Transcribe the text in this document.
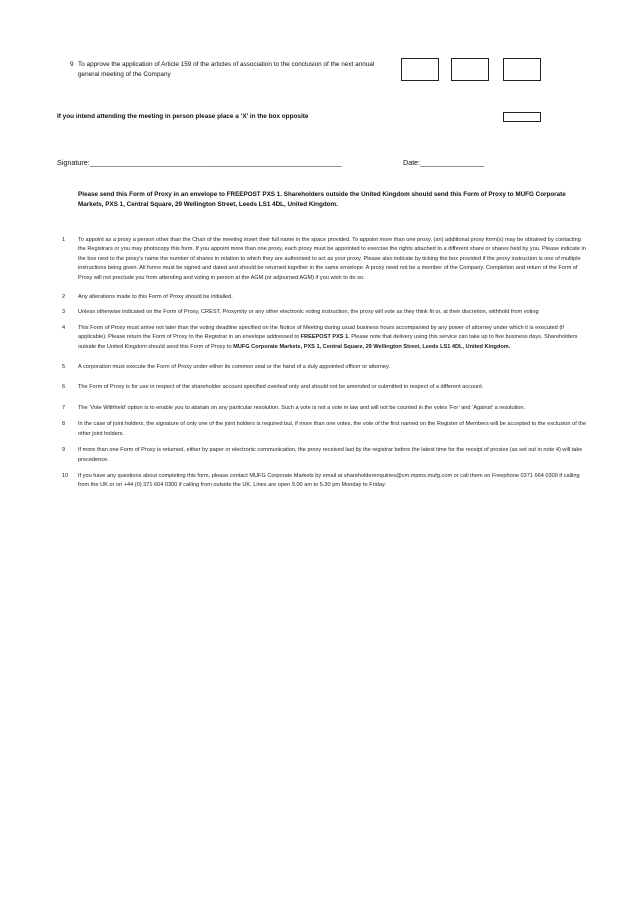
9 To approve the application of Article 159 of the articles of association to the conclusion of the next annual general meeting of the Company
If you intend attending the meeting in person please place a ‘X’ in the box opposite
Signature:_______________________________________________________________	Date:________________
Please send this Form of Proxy in an envelope to FREEPOST PXS 1. Shareholders outside the United Kingdom should send this Form of Proxy to MUFG Corporate Markets, PXS 1, Central Square, 29 Wellington Street, Leeds LS1 4DL, United Kingdom.
1	To appoint as a proxy a person other than the Chair of the meeting insert their full name in the space provided. To appoint more than one proxy, (an) additional proxy form(s) may be obtained by contacting the Registrars or you may photocopy this form. If you appoint more than one proxy, each proxy must be appointed to exercise the rights attached to a different share or shares held by you. Please indicate in the box next to the proxy’s name the number of shares in relation to which they are authorised to act as your proxy. Please also indicate by ticking the box provided if the proxy instruction is one of multiple instructions being given. All forms must be signed and dated and should be returned together in the same envelope. A proxy need not be a member of the Company. Completion and return of the Form of Proxy will not preclude you from attending and voting in person at the AGM (or adjourned AGM) if you wish to do so.
2	Any alterations made to this Form of Proxy should be initialled.
3	Unless otherwise indicated on the Form of Proxy, CREST, Proxymity or any other electronic voting instruction, the proxy will vote as they think fit or, at their discretion, withhold from voting
4	This Form of Proxy must arrive not later than the voting deadline specified on the Notice of Meeting during usual business hours accompanied by any power of attorney under which it is executed (if applicable). Please return the Form of Proxy to the Registrar in an envelope addressed to FREEPOST PXS 1. Please note that delivery using this service can take up to five business days. Shareholders outside the United Kingdom should send this Form of Proxy to MUFG Corporate Markets, PXS 1, Central Square, 29 Wellington Street, Leeds LS1 4DL, United Kingdom.
5	A corporation must execute the Form of Proxy under either its common seal or the hand of a duly appointed officer or attorney.
6	The Form of Proxy is for use in respect of the shareholder account specified overleaf only and should not be amended or submitted in respect of a different account.
7	The ‘Vote Withheld’ option is to enable you to abstain on any particular resolution. Such a vote is not a vote in law and will not be counted in the votes ‘For’ and ‘Against’ a resolution.
8	In the case of joint holders, the signature of only one of the joint holders is required but, if more than one votes, the vote of the first named on the Register of Members will be accepted to the exclusion of the other joint holders.
9	If more than one Form of Proxy is returned, either by paper or electronic communication, the proxy received last by the registrar before the latest time for the receipt of proxies (as set out in note 4) will take precedence.
10	If you have any questions about completing this form, please contact MUFG Corporate Markets by email at shareholderenquiries@cm.mpms.mufg.com or call them on Freephone 0371 664 0300 if calling from the UK or on +44 (0) 371 664 0300 if calling from outside the UK. Lines are open 9.00 am to 5.30 pm Monday to Friday.
